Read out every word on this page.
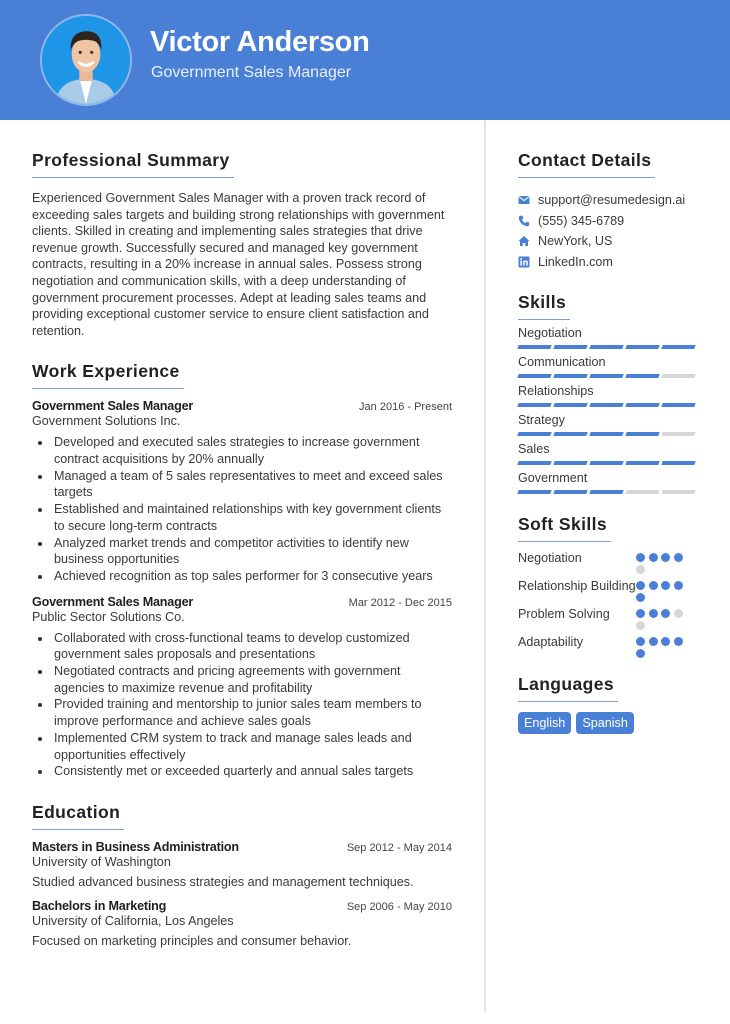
Victor Anderson
Government Sales Manager
Professional Summary

Experienced Government Sales Manager with a proven track record of exceeding sales targets and building strong relationships with government clients. Skilled in creating and implementing sales strategies that drive revenue growth. Successfully secured and managed key government contracts, resulting in a 20% increase in annual sales. Possess strong negotiation and communication skills, with a deep understanding of government procurement processes. Adept at leading sales teams and providing exceptional customer service to ensure client satisfaction and retention.

Work Experience
Government Sales Manager	Jan 2016 - Present
Government Solutions Inc.
Developed and executed sales strategies to increase government contract acquisitions by 20% annually
Managed a team of 5 sales representatives to meet and exceed sales targets
Established and maintained relationships with key government clients to secure long-term contracts
Analyzed market trends and competitor activities to identify new business opportunities
Achieved recognition as top sales performer for 3 consecutive years
Government Sales Manager	Mar 2012 - Dec 2015
Public Sector Solutions Co.
Collaborated with cross-functional teams to develop customized government sales proposals and presentations
Negotiated contracts and pricing agreements with government agencies to maximize revenue and profitability
Provided training and mentorship to junior sales team members to improve performance and achieve sales goals
Implemented CRM system to track and manage sales leads and opportunities effectively
Consistently met or exceeded quarterly and annual sales targets
Education
Masters in Business Administration	Sep 2012 - May 2014
University of Washington
Studied advanced business strategies and management techniques.
Bachelors in Marketing	Sep 2006 - May 2010
University of California, Los Angeles
Focused on marketing principles and consumer behavior.
Contact Details
support@resumedesign.ai
(555) 345-6789
NewYork, US
LinkedIn.com
Skills
Negotiation
Communication
Relationships
Strategy
Sales
Government
Soft Skills
Negotiation
Relationship Building
Problem Solving
Adaptability
Languages
English	Spanish
